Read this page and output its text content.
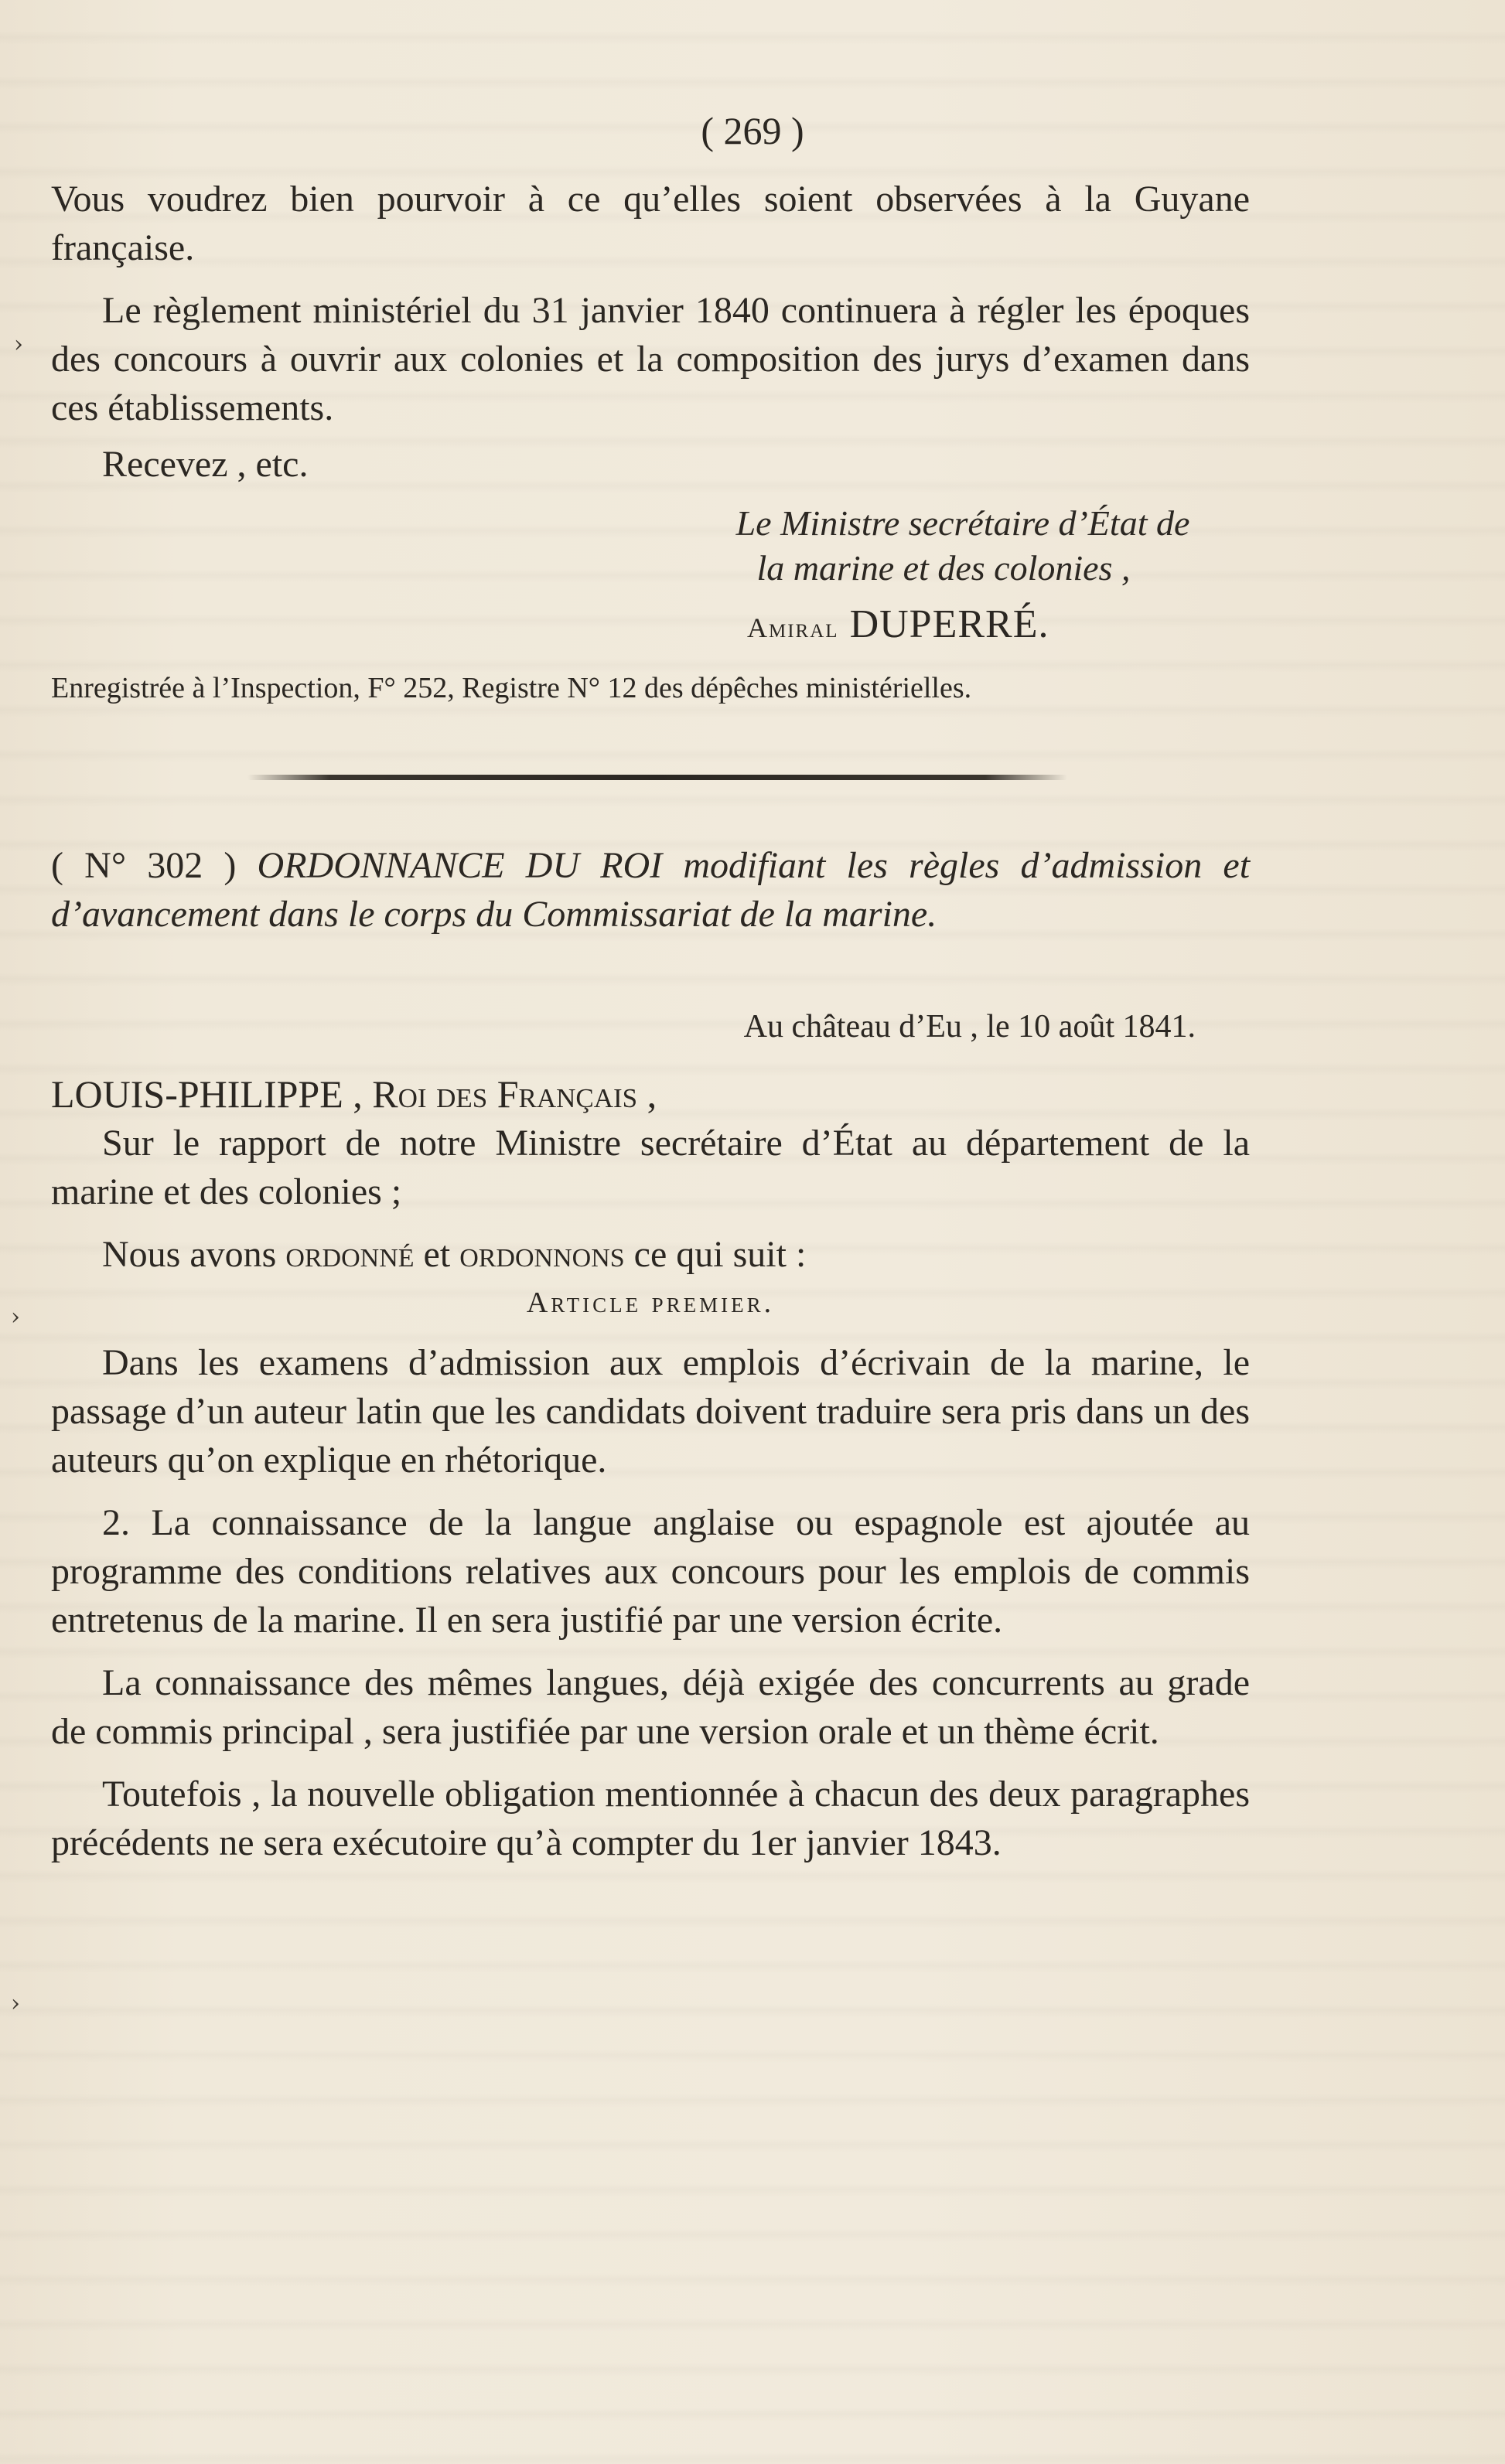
( 269 )

Vous voudrez bien pourvoir à ce qu’elles soient observées à la Guyane française.

Le règlement ministériel du 31 janvier 1840 continuera à régler les époques des concours à ouvrir aux colonies et la composition des jurys d’examen dans ces établissements.

Recevez , etc.

Le Ministre secrétaire d’État de
la marine et des colonies ,
Amiral DUPERRÉ.
Enregistrée à l’Inspection, F° 252, Registre N° 12 des dépêches ministérielles.
( N° 302 ) ORDONNANCE DU ROI modifiant les règles d’admission et d’avancement dans le corps du Commissariat de la marine.
Au château d’Eu , le 10 août 1841.

LOUIS-PHILIPPE , Roi des Français ,

Sur le rapport de notre Ministre secrétaire d’État au département de la marine et des colonies ;

Nous avons ordonné et ordonnons ce qui suit :

Article premier.

Dans les examens d’admission aux emplois d’écrivain de la marine, le passage d’un auteur latin que les candidats doivent traduire sera pris dans un des auteurs qu’on explique en rhétorique.

2. La connaissance de la langue anglaise ou espagnole est ajoutée au programme des conditions relatives aux concours pour les emplois de commis entretenus de la marine. Il en sera justifié par une version écrite.

La connaissance des mêmes langues, déjà exigée des concurrents au grade de commis principal , sera justifiée par une version orale et un thème écrit.

Toutefois , la nouvelle obligation mentionnée à chacun des deux paragraphes précédents ne sera exécutoire qu’à compter du 1er janvier 1843.

›
›
›
